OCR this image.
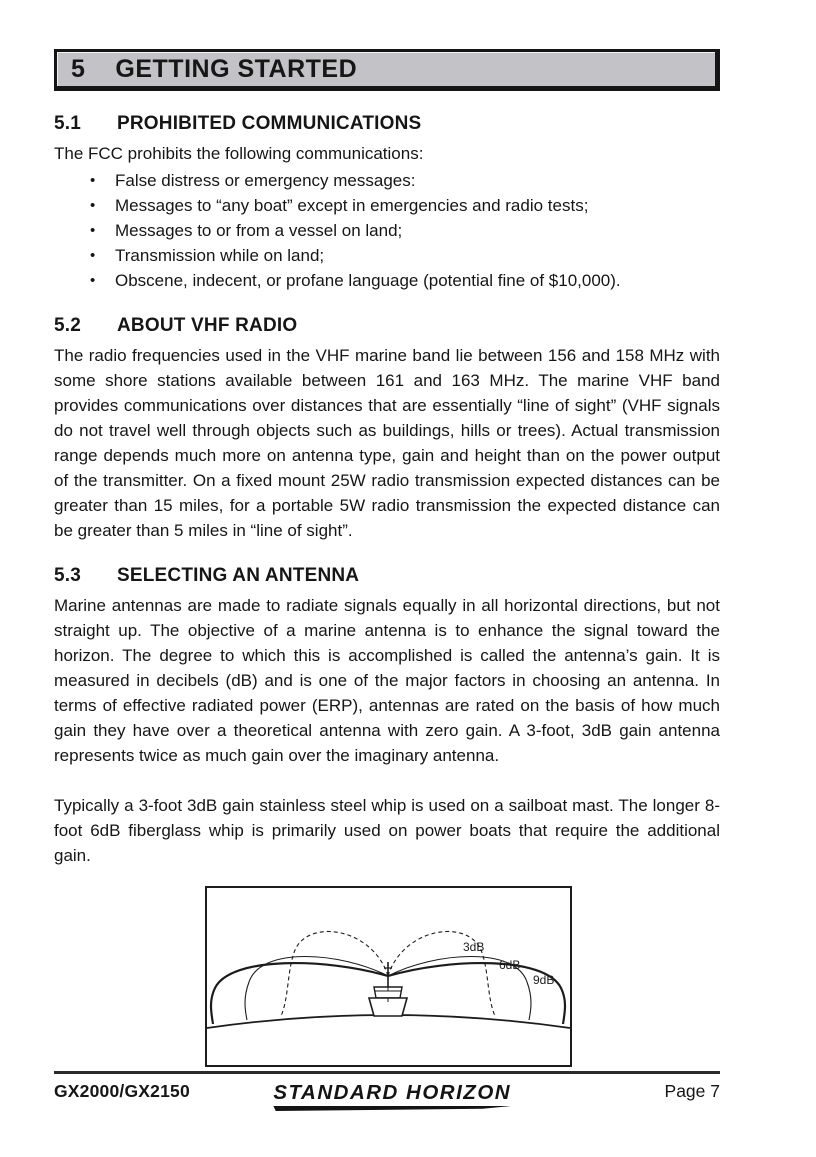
5	GETTING STARTED
5.1	PROHIBITED COMMUNICATIONS

The FCC prohibits the following communications:

• False distress or emergency messages:
• Messages to “any boat” except in emergencies and radio tests;
• Messages to or from a vessel on land;
• Transmission while on land;
• Obscene, indecent, or profane language (potential fine of $10,000).
5.2	ABOUT VHF RADIO

The radio frequencies used in the VHF marine band lie between 156 and 158 MHz with some shore stations available between 161 and 163 MHz. The marine VHF band provides communications over distances that are essentially “line of sight” (VHF signals do not travel well through objects such as buildings, hills or trees). Actual transmission range depends much more on antenna type, gain and height than on the power output of the transmitter. On a fixed mount 25W radio transmission expected distances can be greater than 15 miles, for a portable 5W radio transmission the expected distance can be greater than 5 miles in “line of sight”.

5.3	SELECTING AN ANTENNA

Marine antennas are made to radiate signals equally in all horizontal directions, but not straight up. The objective of a marine antenna is to enhance the signal toward the horizon. The degree to which this is accomplished is called the antenna’s gain. It is measured in decibels (dB) and is one of the major factors in choosing an antenna. In terms of effective radiated power (ERP), antennas are rated on the basis of how much gain they have over a theoretical antenna with zero gain. A 3-foot, 3dB gain antenna represents twice as much gain over the imaginary antenna.

Typically a 3-foot 3dB gain stainless steel whip is used on a sailboat mast. The longer 8-foot 6dB fiberglass whip is primarily used on power boats that require the additional gain.

3dB
6dB
9dB
GX2000/GX2150	STANDARD HORIZON	Page 7
